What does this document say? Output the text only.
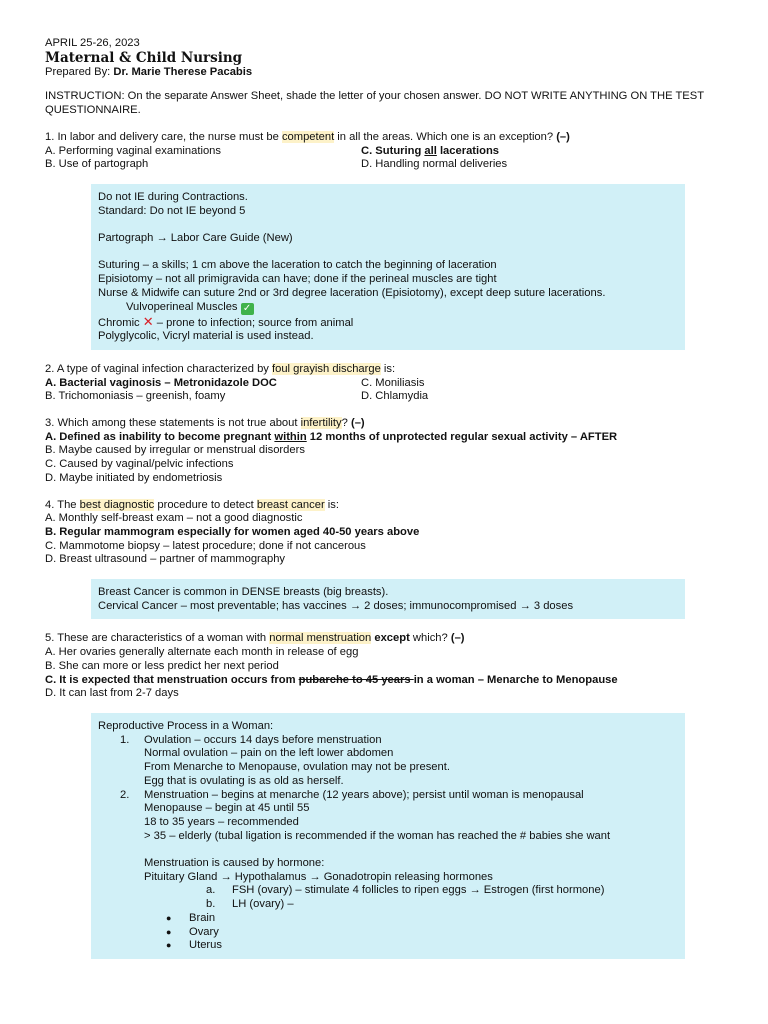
APRIL 25-26, 2023
Maternal & Child Nursing
Prepared By: Dr. Marie Therese Pacabis
INSTRUCTION: On the separate Answer Sheet, shade the letter of your chosen answer. DO NOT WRITE ANYTHING ON THE TEST QUESTIONNAIRE.
1. In labor and delivery care, the nurse must be competent in all the areas. Which one is an exception? (–)
A. Performing vaginal examinations	C. Suturing all lacerations
B. Use of partograph	D. Handling normal deliveries
Do not IE during Contractions.
Standard: Do not IE beyond 5
Partograph → Labor Care Guide (New)
Suturing – a skills; 1 cm above the laceration to catch the beginning of laceration
Episiotomy – not all primigravida can have; done if the perineal muscles are tight
Nurse & Midwife can suture 2nd or 3rd degree laceration (Episiotomy), except deep suture lacerations.
Vulvoperineal Muscles ✓
Chromic ✕ – prone to infection; source from animal
Polyglycolic, Vicryl material is used instead.
2. A type of vaginal infection characterized by foul grayish discharge is:
A. Bacterial vaginosis – Metronidazole DOC	C. Moniliasis
B. Trichomoniasis – greenish, foamy	D. Chlamydia
3. Which among these statements is not true about infertility? (–)
A. Defined as inability to become pregnant within 12 months of unprotected regular sexual activity – AFTER
B. Maybe caused by irregular or menstrual disorders
C. Caused by vaginal/pelvic infections
D. Maybe initiated by endometriosis
4. The best diagnostic procedure to detect breast cancer is:
A. Monthly self-breast exam – not a good diagnostic
B. Regular mammogram especially for women aged 40-50 years above
C. Mammotome biopsy – latest procedure; done if not cancerous
D. Breast ultrasound – partner of mammography
Breast Cancer is common in DENSE breasts (big breasts).
Cervical Cancer – most preventable; has vaccines → 2 doses; immunocompromised → 3 doses
5. These are characteristics of a woman with normal menstruation except which? (–)
A. Her ovaries generally alternate each month in release of egg
B. She can more or less predict her next period
C. It is expected that menstruation occurs from pubarche to 45 years in a woman – Menarche to Menopause
D. It can last from 2-7 days
Reproductive Process in a Woman:
1.	Ovulation – occurs 14 days before menstruation
Normal ovulation – pain on the left lower abdomen
From Menarche to Menopause, ovulation may not be present.
Egg that is ovulating is as old as herself.
2.	Menstruation – begins at menarche (12 years above); persist until woman is menopausal
Menopause – begin at 45 until 55
18 to 35 years – recommended
> 35 – elderly (tubal ligation is recommended if the woman has reached the # babies she want
Menstruation is caused by hormone:
Pituitary Gland → Hypothalamus → Gonadotropin releasing hormones
a.	FSH (ovary) – stimulate 4 follicles to ripen eggs → Estrogen (first hormone)
b.	LH (ovary) –
●	Brain
●	Ovary
●	Uterus
